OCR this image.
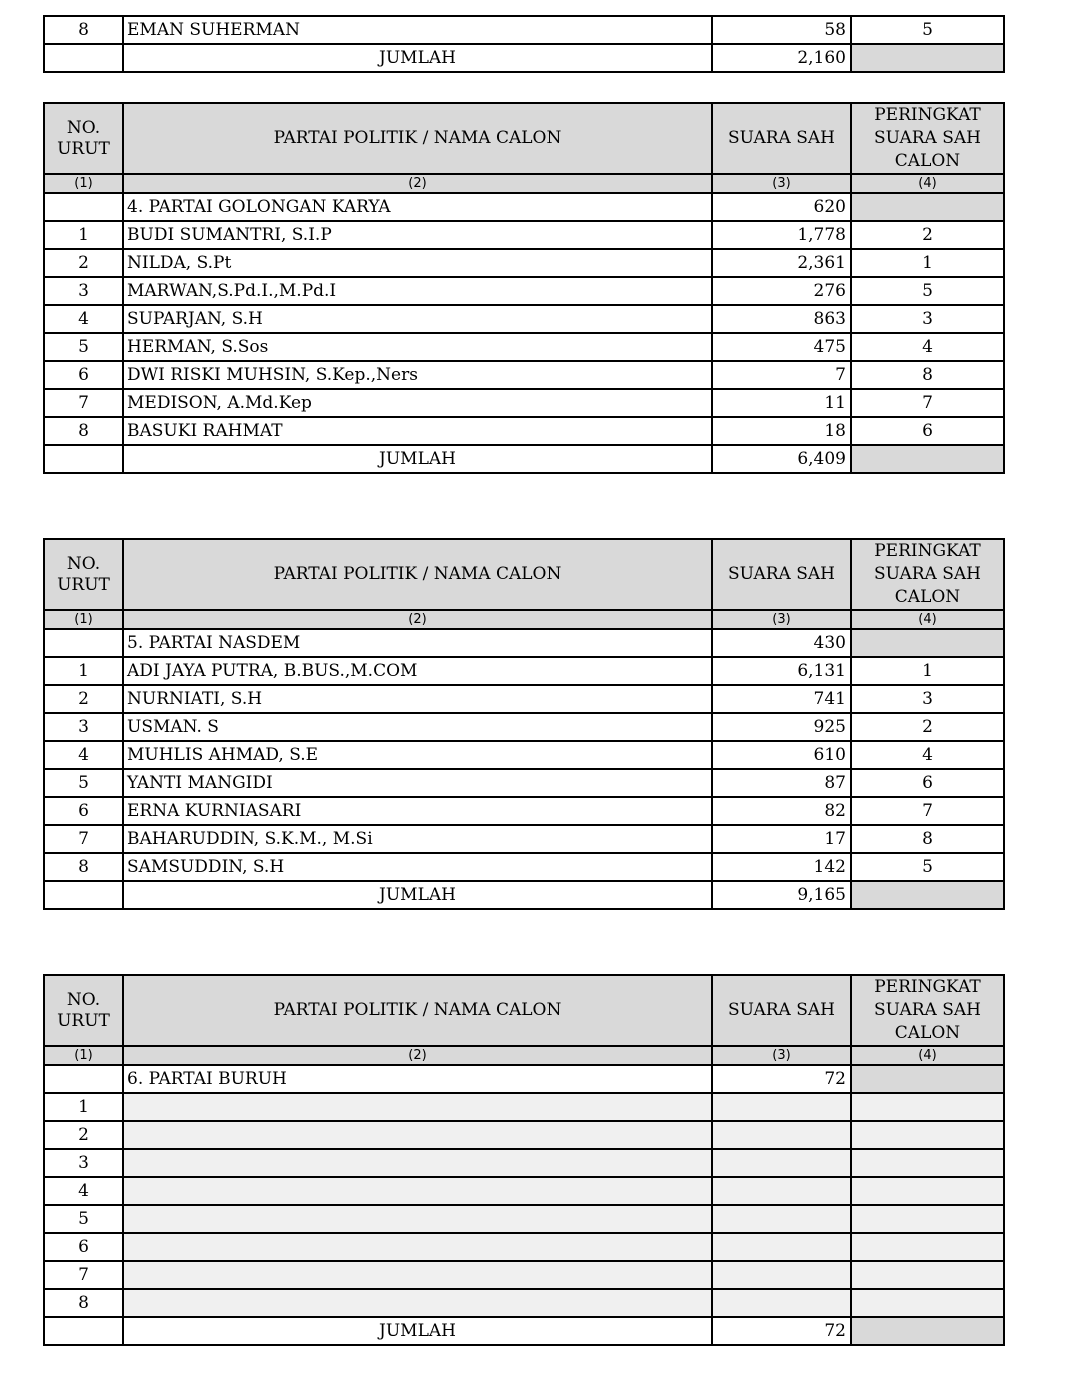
8	EMAN SUHERMAN	58	5
	JUMLAH	2,160	
NO. URUT	PARTAI POLITIK / NAMA CALON	SUARA SAH	PERINGKAT SUARA SAH CALON
(1)	(2)	(3)	(4)
	4. PARTAI GOLONGAN KARYA	620	
1	BUDI SUMANTRI, S.I.P	1,778	2
2	NILDA, S.Pt	2,361	1
3	MARWAN,S.Pd.I.,M.Pd.I	276	5
4	SUPARJAN, S.H	863	3
5	HERMAN, S.Sos	475	4
6	DWI RISKI MUHSIN, S.Kep.,Ners	7	8
7	MEDISON, A.Md.Kep	11	7
8	BASUKI RAHMAT	18	6
	JUMLAH	6,409	
NO. URUT	PARTAI POLITIK / NAMA CALON	SUARA SAH	PERINGKAT SUARA SAH CALON
(1)	(2)	(3)	(4)
	5. PARTAI NASDEM	430	
1	ADI JAYA PUTRA, B.BUS.,M.COM	6,131	1
2	NURNIATI, S.H	741	3
3	USMAN. S	925	2
4	MUHLIS AHMAD, S.E	610	4
5	YANTI MANGIDI	87	6
6	ERNA KURNIASARI	82	7
7	BAHARUDDIN, S.K.M., M.Si	17	8
8	SAMSUDDIN, S.H	142	5
	JUMLAH	9,165	
NO. URUT	PARTAI POLITIK / NAMA CALON	SUARA SAH	PERINGKAT SUARA SAH CALON
(1)	(2)	(3)	(4)
	6. PARTAI BURUH	72	
1			
2			
3			
4			
5			
6			
7			
8			
	JUMLAH	72	
